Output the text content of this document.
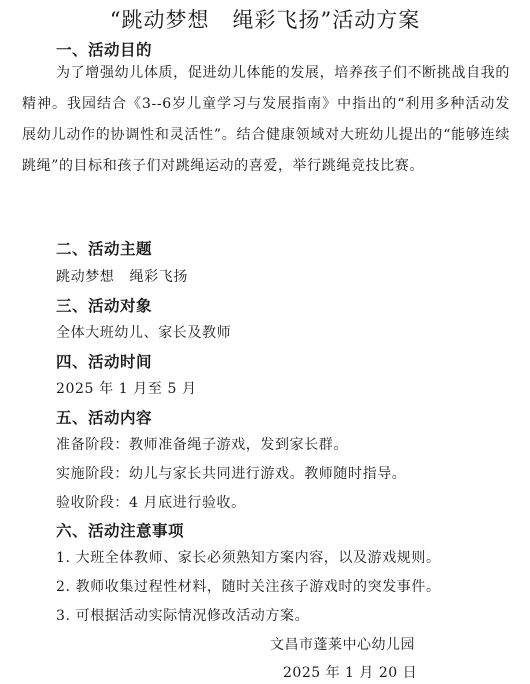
“跳动梦想   绳彩飞扬”活动方案
一、活动目的
为了增强幼儿体质，促进幼儿体能的发展，培养孩子们不断挑战自我的精神。我园结合《3--6岁儿童学习与发展指南》中指出的“利用多种活动发展幼儿动作的协调性和灵活性”。结合健康领域对大班幼儿提出的“能够连续跳绳”的目标和孩子们对跳绳运动的喜爱，举行跳绳竞技比赛。
二、活动主题
跳动梦想   绳彩飞扬
三、活动对象
全体大班幼儿、家长及教师
四、活动时间
2025 年 1 月至 5 月
五、活动内容
准备阶段：教师准备绳子游戏，发到家长群。
实施阶段：幼儿与家长共同进行游戏。教师随时指导。
验收阶段：4 月底进行验收。
六、活动注意事项
1. 大班全体教师、家长必须熟知方案内容，以及游戏规则。
2. 教师收集过程性材料，随时关注孩子游戏时的突发事件。
3. 可根据活动实际情况修改活动方案。
文昌市蓬莱中心幼儿园
2025 年 1 月 20 日
